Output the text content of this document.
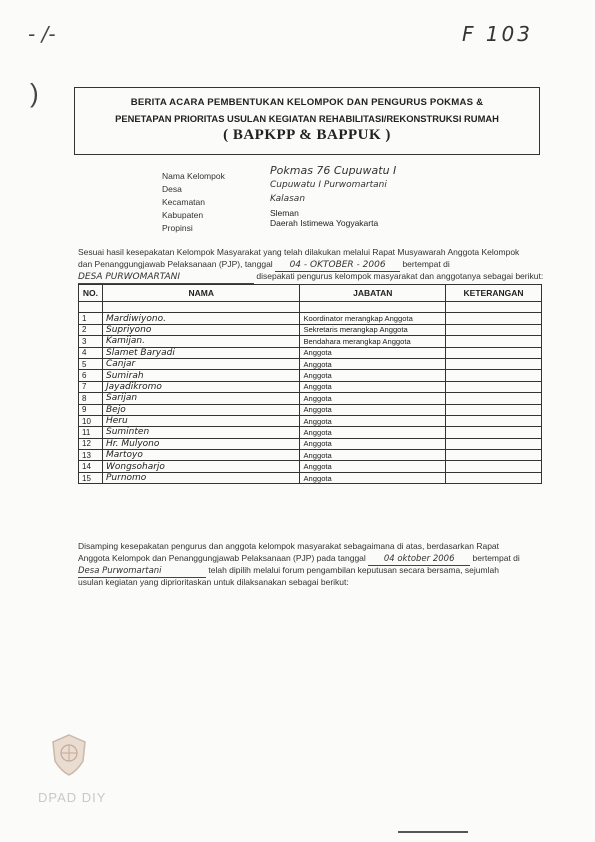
F 103
- /-
)	BERITA ACARA PEMBENTUKAN KELOMPOK DAN PENGURUS POKMAS &
PENETAPAN PRIORITAS USULAN KEGIATAN REHABILITASI/REKONSTRUKSI RUMAH
( BAPKPP & BAPPUK )
Nama Kelompok	Pokmas 76 Cupuwatu I
Desa	Cupuwatu I Purwomartani
Kecamatan	Kalasan
Kabupaten	Sleman
Propinsi	Daerah Istimewa Yogyakarta
Sesuai hasil kesepakatan Kelompok Masyarakat yang telah dilakukan melalui Rapat Musyawarah Anggota Kelompok
dan Penanggungjawab Pelaksanaan (PJP), tanggal 04 - OKTOBER - 2006 bertempat di
DESA PURWOMARTANI	disepakati pengurus kelompok masyarakat dan anggotanya sebagai berikut:
NO.	NAMA	JABATAN	KETERANGAN

1	Mardiwiyono.	Koordinator merangkap Anggota	
2	Supriyono	Sekretaris merangkap Anggota	
3	Kamijan.	Bendahara merangkap Anggota	
4	Slamet Baryadi	Anggota	
5	Canjar	Anggota	
6	Sumirah	Anggota	
7	Jayadikromo	Anggota	
8	Sarijan	Anggota	
9	Bejo	Anggota	
10	Heru	Anggota	
11	Suminten	Anggota	
12	Hr. Mulyono	Anggota	
13	Martoyo	Anggota	
14	Wongsoharjo	Anggota	
15	Purnomo	Anggota	
Disamping kesepakatan pengurus dan anggota kelompok masyarakat sebagaimana di atas, berdasarkan Rapat
Anggota Kelompok dan Penanggungjawab Pelaksanaan (PJP) pada tanggal 04 oktober 2006 bertempat di
Desa Purwomartani	telah dipilih melalui forum pengambilan keputusan secara bersama, sejumlah
usulan kegiatan yang diprioritaskan untuk dilaksanakan sebagai berikut:
DPAD DIY
